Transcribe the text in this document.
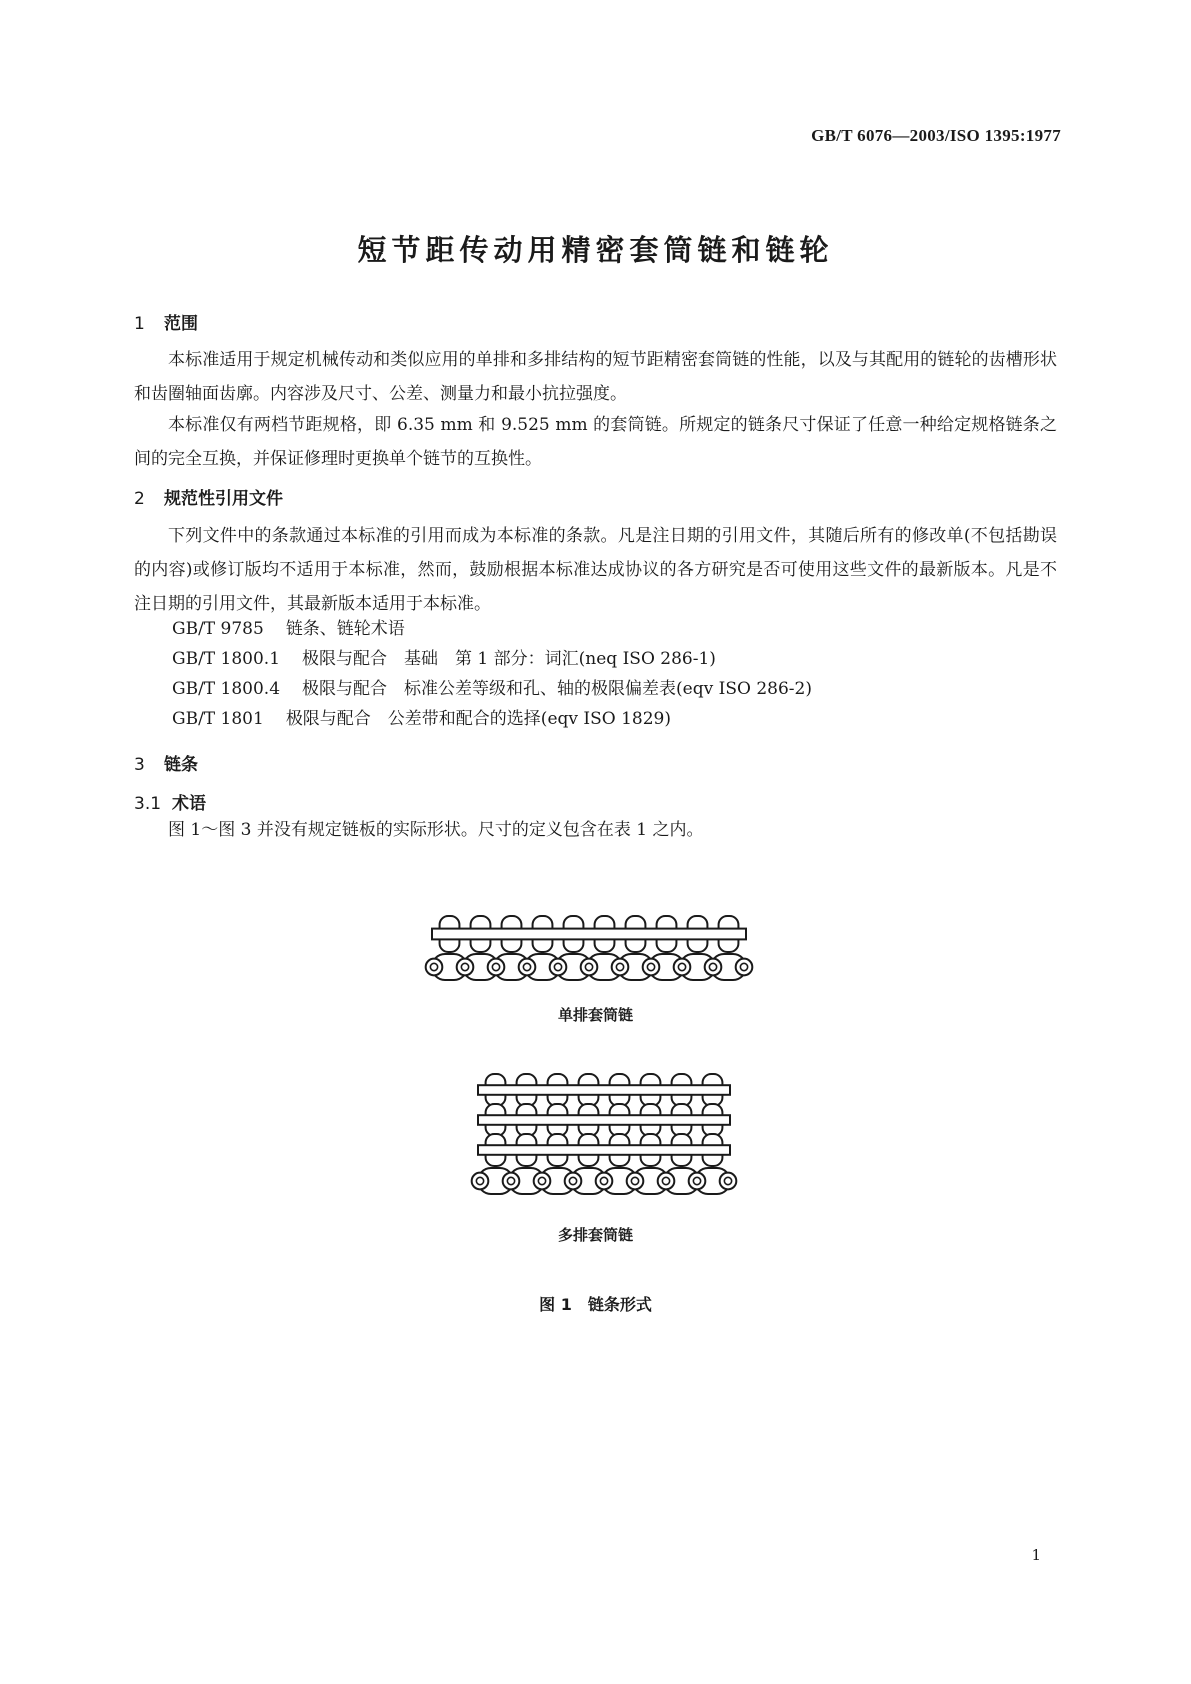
GB/T 6076—2003/ISO 1395:1977
短节距传动用精密套筒链和链轮
1 范围
本标准适用于规定机械传动和类似应用的单排和多排结构的短节距精密套筒链的性能，以及与其配用的链轮的齿槽形状和齿圈轴面齿廓。内容涉及尺寸、公差、测量力和最小抗拉强度。
本标准仅有两档节距规格，即 6.35 mm 和 9.525 mm 的套筒链。所规定的链条尺寸保证了任意一种给定规格链条之间的完全互换，并保证修理时更换单个链节的互换性。
2 规范性引用文件
下列文件中的条款通过本标准的引用而成为本标准的条款。凡是注日期的引用文件，其随后所有的修改单(不包括勘误的内容)或修订版均不适用于本标准，然而，鼓励根据本标准达成协议的各方研究是否可使用这些文件的最新版本。凡是不注日期的引用文件，其最新版本适用于本标准。
GB/T 9785 链条、链轮术语
GB/T 1800.1 极限与配合　基础　第 1 部分：词汇(neq ISO 286-1)
GB/T 1800.4 极限与配合　标准公差等级和孔、轴的极限偏差表(eqv ISO 286-2)
GB/T 1801 极限与配合　公差带和配合的选择(eqv ISO 1829)
3 链条
3.1 术语
图 1～图 3 并没有规定链板的实际形状。尺寸的定义包含在表 1 之内。
单排套筒链
多排套筒链
图 1　链条形式
1
